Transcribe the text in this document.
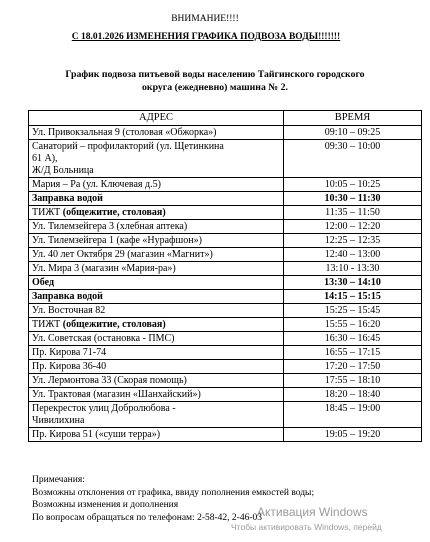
ВНИМАНИЕ!!!!
С 18.01.2026 ИЗМЕНЕНИЯ ГРАФИКА ПОДВОЗА ВОДЫ!!!!!!!
График подвоза питьевой воды населению Тайгинского городского
округа (ежедневно) машина № 2.
АДРЕС	ВРЕМЯ

Ул. Привокзальная 9 (столовая «Обжорка»)	09:10 – 09:25

Санаторий – профилакторий (ул. Щетинкина
61 А),
Ж/Д Больница	09:30 – 10:00

Мария – Ра (ул. Ключевая д.5)	10:05 – 10:25

Заправка водой	10:30 – 11:30
ТИЖТ (общежитие, столовая)	11:35 – 11:50

Ул. Тилемзейгера 3 (хлебная аптека)	12:00 – 12:20

Ул. Тилемзейгера 1 (кафе «Нурафшон»)	12:25 – 12:35

Ул. 40 лет Октября 29 (магазин «Магнит»)	12:40 – 13:00

Ул. Мира 3 (магазин «Мария-ра»)	13:10 - 13:30

Обед	13:30 – 14:10

Заправка водой	14:15 – 15:15

Ул. Восточная 82	15:25 – 15:45
ТИЖТ (общежитие, столовая)	15:55 – 16:20

Ул. Советская (остановка - ПМС)	16:30 – 16:45

Пр. Кирова 71-74	16:55 – 17:15

Пр. Кирова 36-40	17:20 – 17:50

Ул. Лермонтова 33 (Скорая помощь)	17:55 – 18:10

Ул. Трактовая (магазин «Шанхайский»)	18:20 – 18:40

Перекресток улиц Добролюбова -
Чивилихина	18:45 – 19:00

Пр. Кирова 51 («суши терра»)	19:05 – 19:20
Примечания:
Возможны отклонения от графика, ввиду пополнения емкостей воды;
Возможны изменения и дополнения
По вопросам обращаться по телефонам: 2-58-42, 2-46-03
Активация Windows
Чтобы активировать Windows, перейд
